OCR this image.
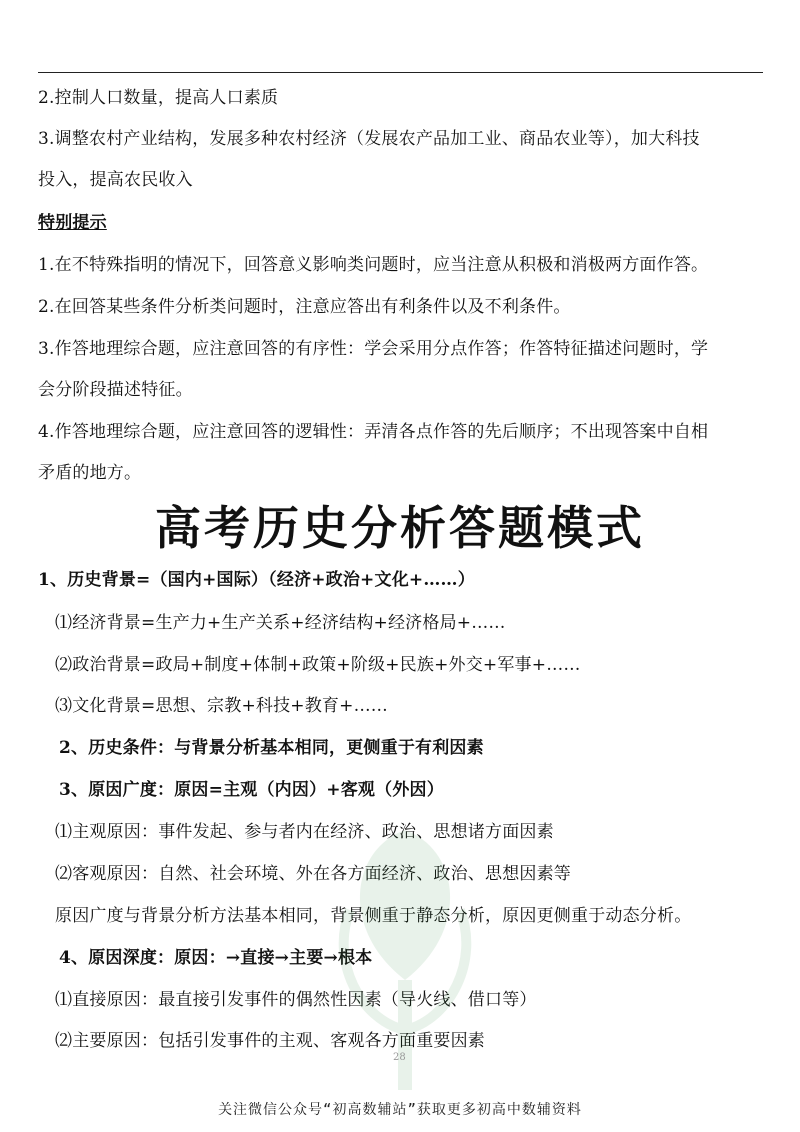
2.控制人口数量，提高人口素质
3.调整农村产业结构，发展多种农村经济（发展农产品加工业、商品农业等），加大科技
投入，提高农民收入
特别提示
1.在不特殊指明的情况下，回答意义影响类问题时，应当注意从积极和消极两方面作答。
2.在回答某些条件分析类问题时，注意应答出有利条件以及不利条件。
3.作答地理综合题，应注意回答的有序性：学会采用分点作答；作答特征描述问题时，学
会分阶段描述特征。
4.作答地理综合题，应注意回答的逻辑性：弄清各点作答的先后顺序；不出现答案中自相
矛盾的地方。
高考历史分析答题模式
1、历史背景=（国内+国际）（经济+政治+文化+……）
⑴经济背景=生产力+生产关系+经济结构+经济格局+……
⑵政治背景=政局+制度+体制+政策+阶级+民族+外交+军事+……
⑶文化背景=思想、宗教+科技+教育+……
2、历史条件：与背景分析基本相同，更侧重于有利因素
3、原因广度：原因=主观（内因）+客观（外因）
⑴主观原因：事件发起、参与者内在经济、政治、思想诸方面因素
⑵客观原因：自然、社会环境、外在各方面经济、政治、思想因素等
原因广度与背景分析方法基本相同，背景侧重于静态分析，原因更侧重于动态分析。
4、原因深度：原因：→直接→主要→根本
⑴直接原因：最直接引发事件的偶然性因素（导火线、借口等）
⑵主要原因：包括引发事件的主观、客观各方面重要因素
28
关注微信公众号“初高数辅站”获取更多初高中数辅资料
